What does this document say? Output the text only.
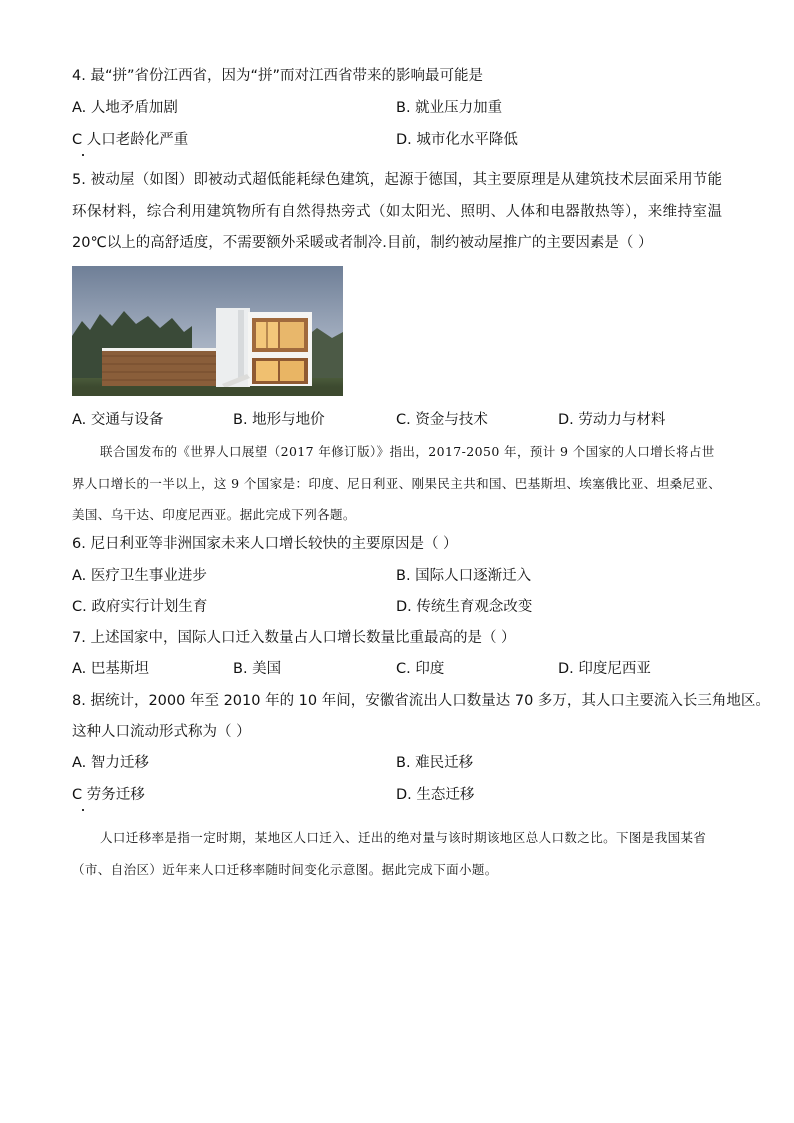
4. 最“拼”省份江西省，因为“拼”而对江西省带来的影响最可能是
A. 人地矛盾加剧	B. 就业压力加重
C 人口老龄化严重	D. 城市化水平降低
5. 被动屋（如图）即被动式超低能耗绿色建筑，起源于德国，其主要原理是从建筑技术层面采用节能环保材料，综合利用建筑物所有自然得热旁式（如太阳光、照明、人体和电器散热等），来维持室温 20℃以上的高舒适度，不需要额外采暖或者制冷.目前，制约被动屋推广的主要因素是（ ）
A. 交通与设备	B. 地形与地价	C. 资金与技术	D. 劳动力与材料
联合国发布的《世界人口展望（2017 年修订版）》指出，2017-2050 年，预计 9 个国家的人口增长将占世界人口增长的一半以上，这 9 个国家是：印度、尼日利亚、刚果民主共和国、巴基斯坦、埃塞俄比亚、坦桑尼亚、美国、乌干达、印度尼西亚。据此完成下列各题。
6. 尼日利亚等非洲国家未来人口增长较快的主要原因是（ ）
A. 医疗卫生事业进步	B. 国际人口逐渐迁入
C. 政府实行计划生育	D. 传统生育观念改变
7. 上述国家中，国际人口迁入数量占人口增长数量比重最高的是（ ）
A. 巴基斯坦	B. 美国	C. 印度	D. 印度尼西亚
8. 据统计，2000 年至 2010 年的 10 年间，安徽省流出人口数量达 70 多万，其人口主要流入长三角地区。
这种人口流动形式称为（ ）
A. 智力迁移	B. 难民迁移
C 劳务迁移	D. 生态迁移
人口迁移率是指一定时期，某地区人口迁入、迁出的绝对量与该时期该地区总人口数之比。下图是我国某省（市、自治区）近年来人口迁移率随时间变化示意图。据此完成下面小题。
